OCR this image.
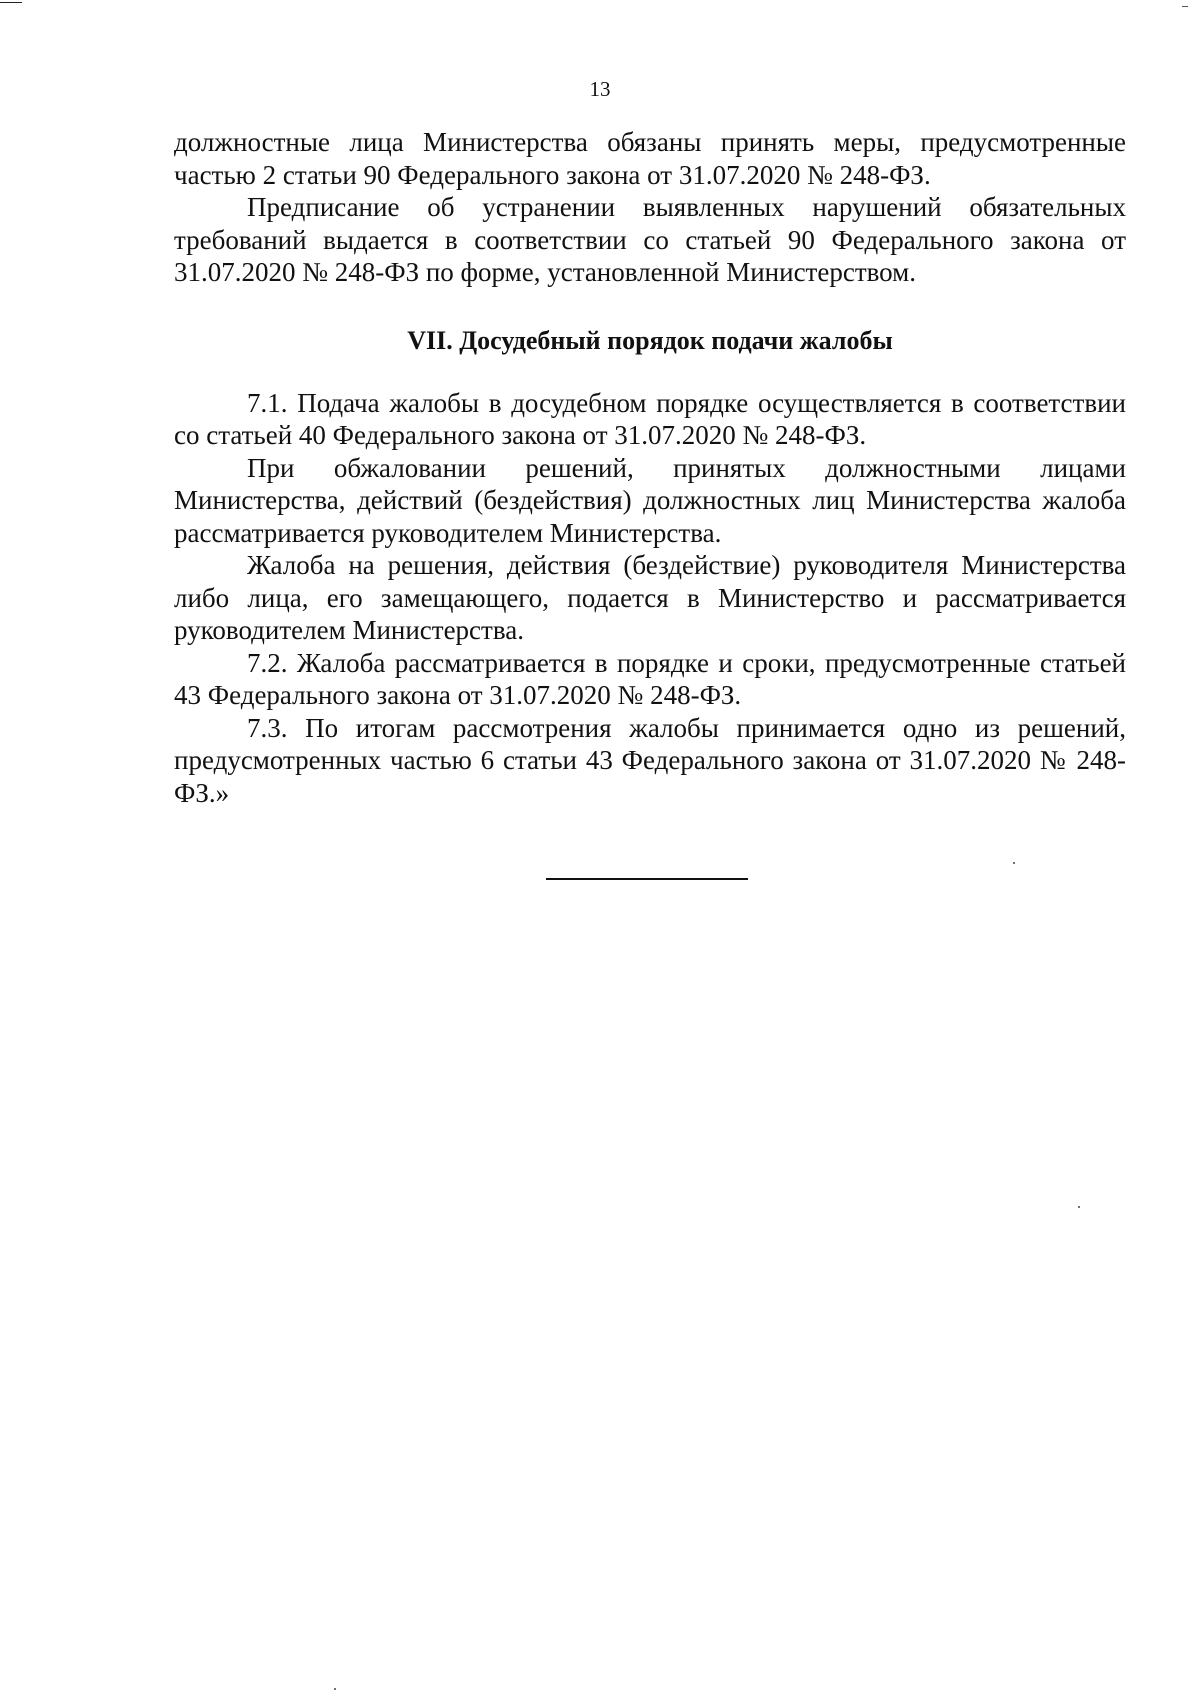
13

должностные лица Министерства обязаны принять меры, предусмотренные частью 2 статьи 90 Федерального закона от 31.07.2020 № 248-ФЗ.

Предписание об устранении выявленных нарушений обязательных требований выдается в соответствии со статьей 90 Федерального закона от 31.07.2020 № 248-ФЗ по форме, установленной Министерством.

VII. Досудебный порядок подачи жалобы

7.1. Подача жалобы в досудебном порядке осуществляется в соответствии со статьей 40 Федерального закона от 31.07.2020 № 248-ФЗ.

При обжаловании решений, принятых должностными лицами Министерства, действий (бездействия) должностных лиц Министерства жалоба рассматривается руководителем Министерства.

Жалоба на решения, действия (бездействие) руководителя Министерства либо лица, его замещающего, подается в Министерство и рассматривается руководителем Министерства.

7.2. Жалоба рассматривается в порядке и сроки, предусмотренные статьей 43 Федерального закона от 31.07.2020 № 248-ФЗ.

7.3. По итогам рассмотрения жалобы принимается одно из решений, предусмотренных частью 6 статьи 43 Федерального закона от 31.07.2020 № 248-ФЗ.»
